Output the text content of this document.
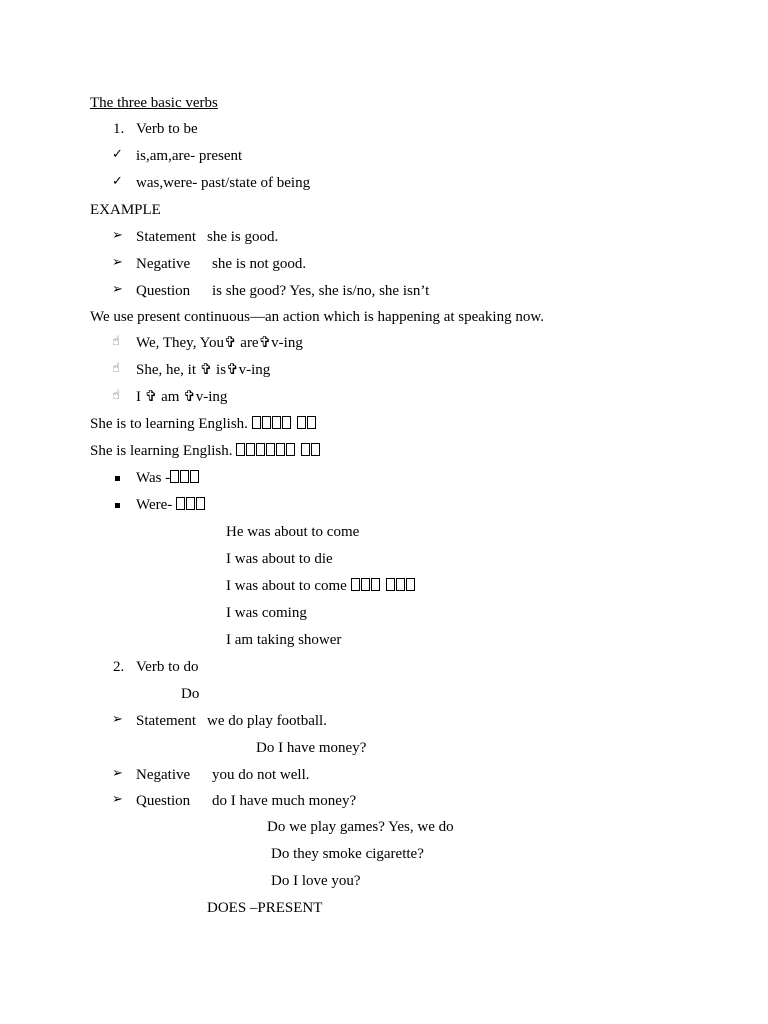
The three basic verbs
1. Verb to be
✓ is,am,are- present
✓ was,were- past/state of being
EXAMPLE
➢ Statement she is good.
➢ Negative she is not good.
➢ Question is she good? Yes, she is/no, she isn’t
We use present continuous—an action which is happening at speaking now.
☝ We, They, You✞ are✞v-ing
☝ She, he, it ✞ is✞v-ing
☝ I ✞ am ✞v-ing
She is to learning English.
She is learning English.
Was -
Were-
He was about to come
I was about to die
I was about to come
I was coming
I am taking shower
2. Verb to do
Do
➢ Statement we do play football.
Do I have money?
➢ Negative you do not well.
➢ Question do I have much money?
Do we play games? Yes, we do
Do they smoke cigarette?
Do I love you?
DOES –PRESENT
